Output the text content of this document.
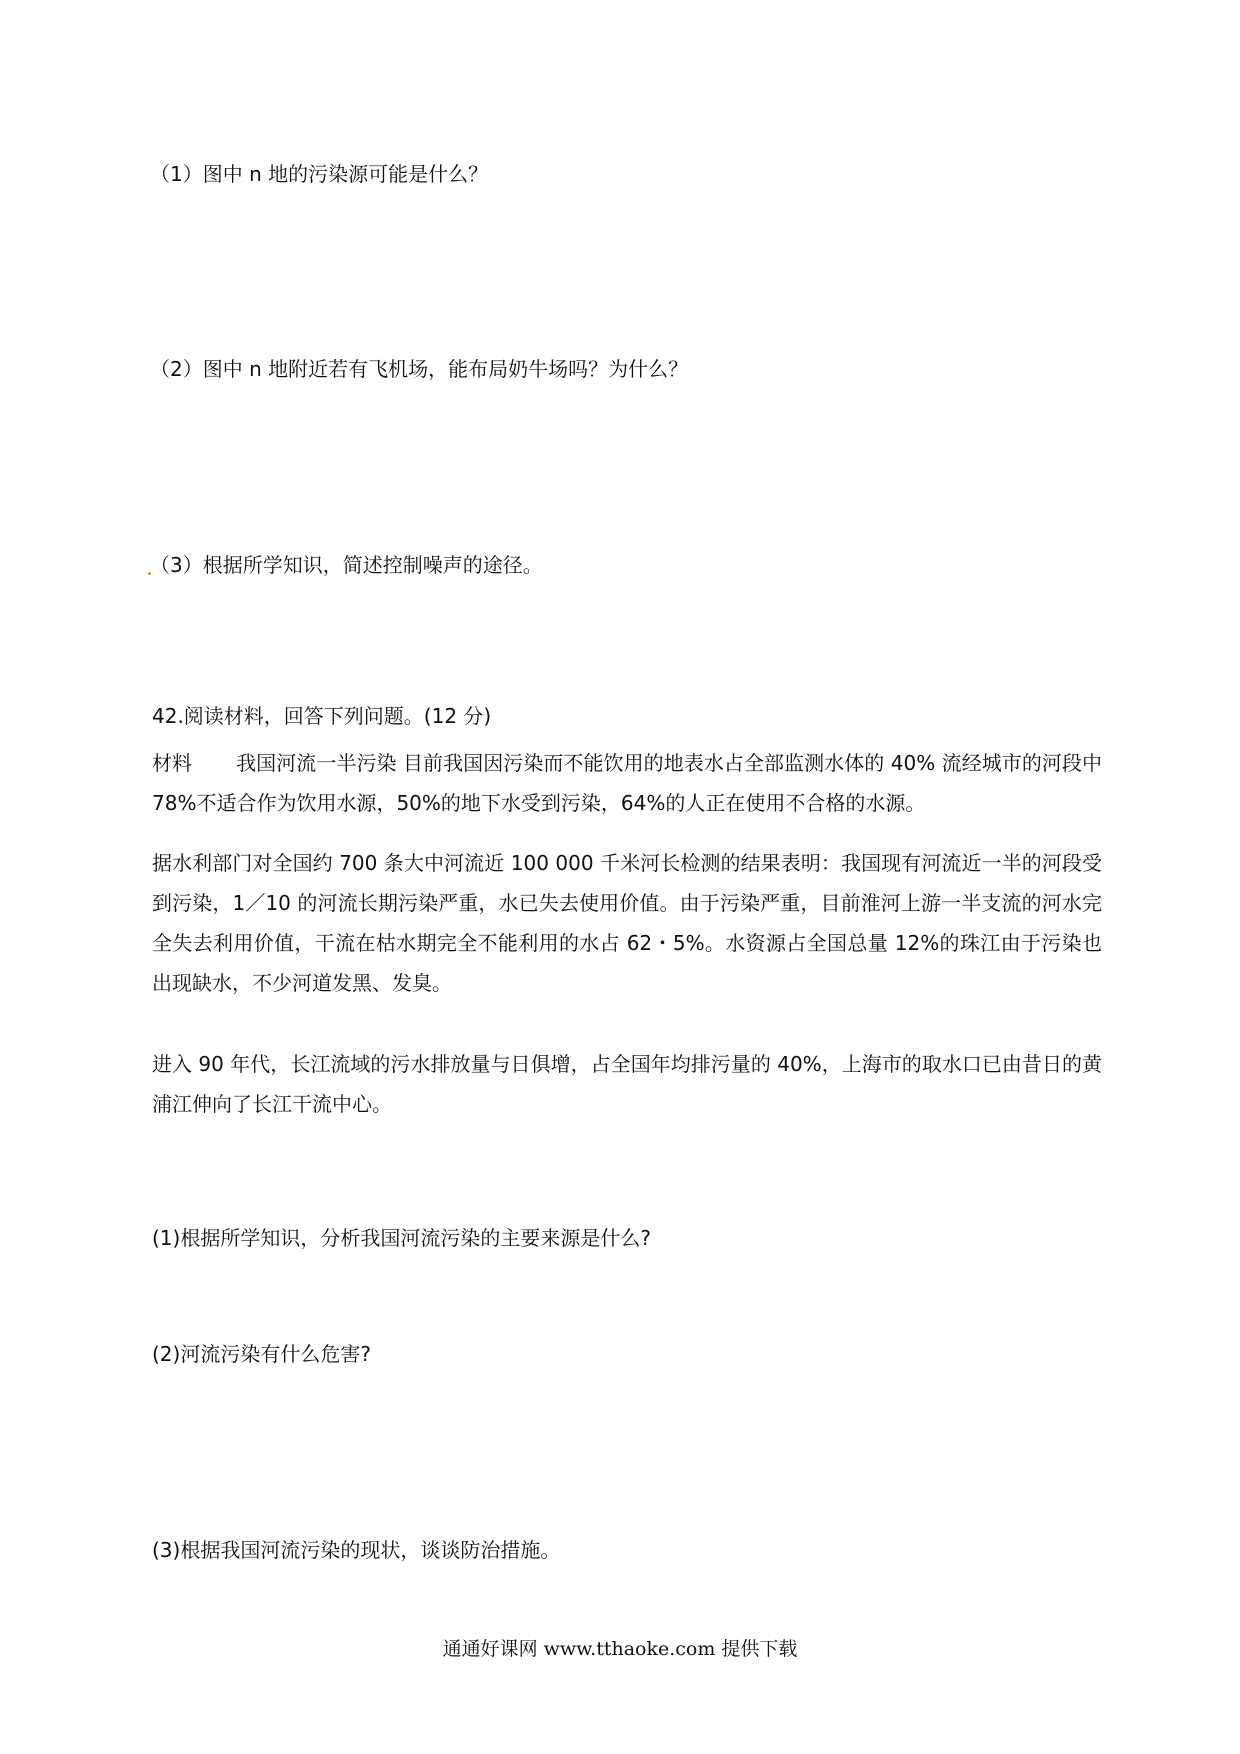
（1）图中 n 地的污染源可能是什么？
（2）图中 n 地附近若有飞机场，能布局奶牛场吗？为什么？
（3）根据所学知识，简述控制噪声的途径。
42.阅读材料，回答下列问题。(12 分)
材料 我国河流一半污染 目前我国因污染而不能饮用的地表水占全部监测水体的 40% 流经城市的河段中 78%不适合作为饮用水源，50%的地下水受到污染，64%的人正在使用不合格的水源。
据水利部门对全国约 700 条大中河流近 100 000 千米河长检测的结果表明：我国现有河流近一半的河段受到污染，1／10 的河流长期污染严重，水已失去使用价值。由于污染严重，目前淮河上游一半支流的河水完全失去利用价值，干流在枯水期完全不能利用的水占 62・5%。水资源占全国总量 12%的珠江由于污染也出现缺水，不少河道发黑、发臭。
进入 90 年代，长江流域的污水排放量与日俱增，占全国年均排污量的 40%，上海市的取水口已由昔日的黄浦江伸向了长江干流中心。
(1)根据所学知识，分析我国河流污染的主要来源是什么?
(2)河流污染有什么危害?
(3)根据我国河流污染的现状，谈谈防治措施。
通通好课网 www.tthaoke.com 提供下载
